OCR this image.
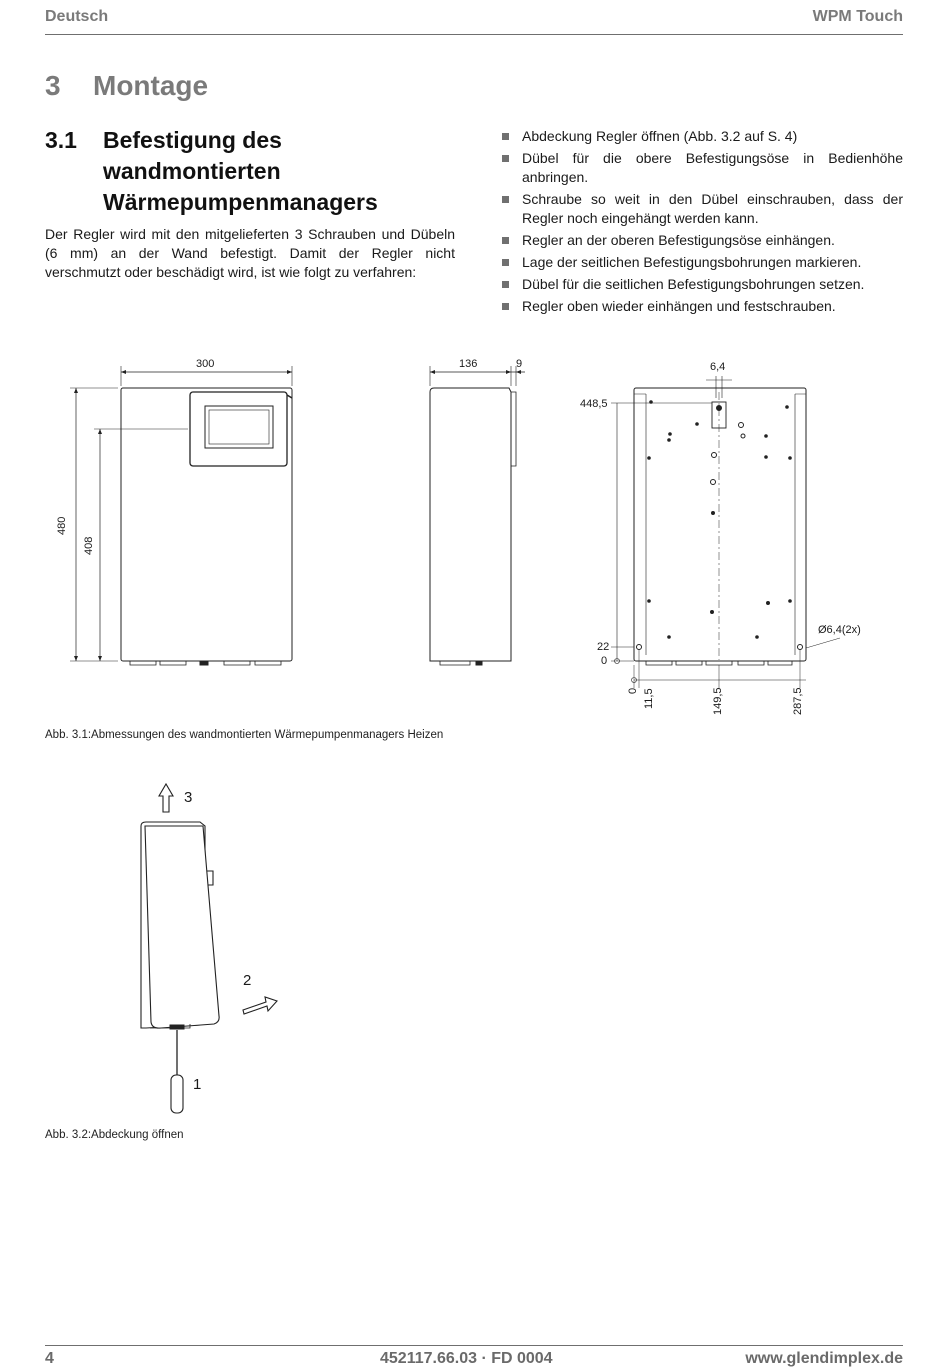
Deutsch	WPM Touch
3 Montage
3.1 Befestigung des wandmontierten Wärmepumpenmanagers
Der Regler wird mit den mitgelieferten 3 Schrauben und Dübeln (6 mm) an der Wand befestigt. Damit der Regler nicht verschmutzt oder beschädigt wird, ist wie folgt zu verfahren:
Abdeckung Regler öffnen (Abb. 3.2 auf S. 4)
Dübel für die obere Befestigungsöse in Bedienhöhe anbringen.
Schraube so weit in den Dübel einschrauben, dass der Regler noch eingehängt werden kann.
Regler an der oberen Befestigungsöse einhängen.
Lage der seitlichen Befestigungsbohrungen markieren.
Dübel für die seitlichen Befestigungsbohrungen setzen.
Regler oben wieder einhängen und festschrauben.
300
480
408
136	9	6,4
448,5
22
0
Ø6,4(2x)
0 11,5	149,5	287,5
Abb. 3.1:Abmessungen des wandmontierten Wärmepumpenmanagers Heizen
3
2
1
Abb. 3.2:Abdeckung öffnen
4	452117.66.03 · FD 0004	www.glendimplex.de
